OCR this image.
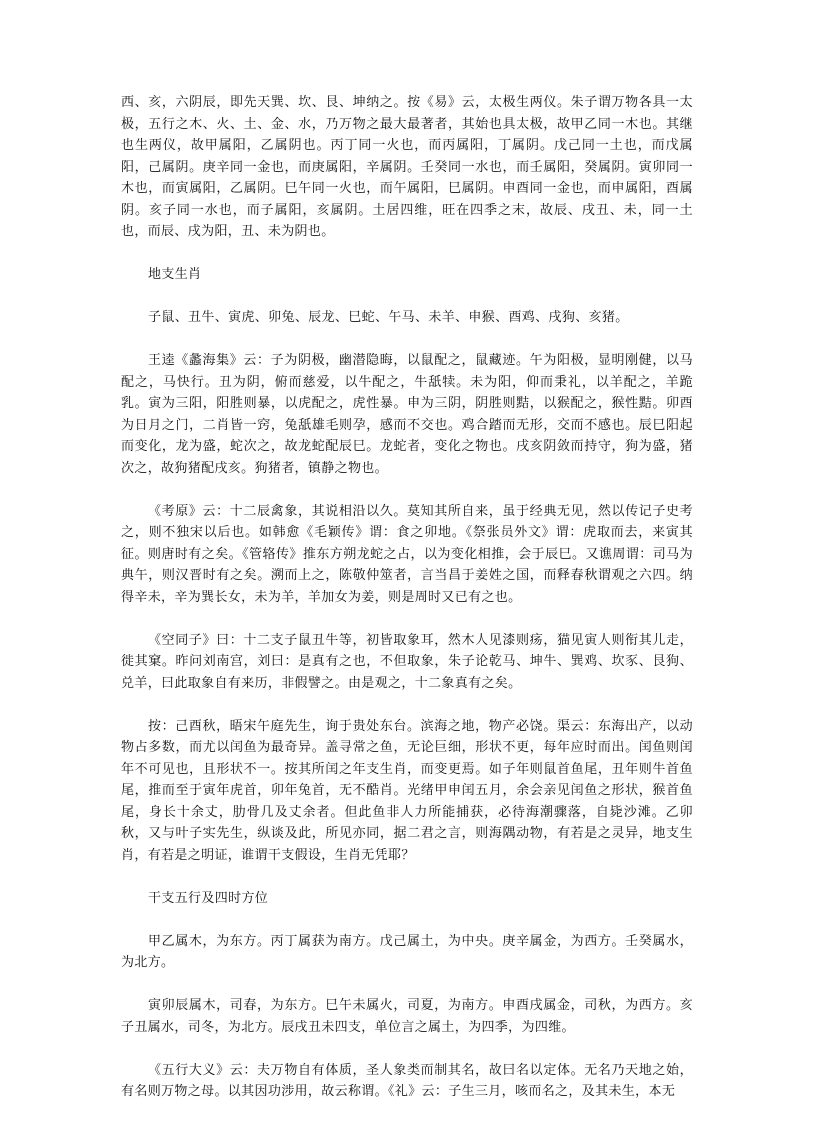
西、亥，六阴辰，即先天巽、坎、艮、坤纳之。按《易》云，太极生两仪。朱子谓万物各具一太极，五行之木、火、土、金、水，乃万物之最大最著者，其始也具太极，故甲乙同一木也。其继也生两仪，故甲属阳，乙属阴也。丙丁同一火也，而丙属阳，丁属阴。戊己同一土也，而戊属阳，己属阴。庚辛同一金也，而庚属阳，辛属阴。壬癸同一水也，而壬属阳，癸属阴。寅卯同一木也，而寅属阳，乙属阴。巳午同一火也，而午属阳，巳属阴。申酉同一金也，而申属阳，酉属阴。亥子同一水也，而子属阳，亥属阴。土居四维，旺在四季之末，故辰、戌丑、未，同一土也，而辰、戌为阳，丑、未为阴也。

地支生肖

子鼠、丑牛、寅虎、卯兔、辰龙、巳蛇、午马、未羊、申猴、酉鸡、戌狗、亥猪。

王逵《蠡海集》云：子为阴极，幽潜隐晦，以鼠配之，鼠藏迹。午为阳极，显明刚健，以马配之，马快行。丑为阴，俯而慈爱，以牛配之，牛舐犊。未为阳，仰而秉礼，以羊配之，羊跪乳。寅为三阳，阳胜则暴，以虎配之，虎性暴。申为三阴，阴胜则黠，以猴配之，猴性黠。卯酉为日月之门，二肖皆一窍，兔舐雄毛则孕，感而不交也。鸡合踏而无形，交而不感也。辰巳阳起而变化，龙为盛，蛇次之，故龙蛇配辰巳。龙蛇者，变化之物也。戌亥阴敛而持守，狗为盛，猪次之，故狗猪配戌亥。狗猪者，镇静之物也。

《考原》云：十二辰禽象，其说相沿以久。莫知其所自来，虽于经典无见，然以传记子史考之，则不独宋以后也。如韩愈《毛颖传》谓：食之卯地。《祭张员外文》谓：虎取而去，来寅其征。则唐时有之矣。《管辂传》推东方朔龙蛇之占，以为变化相推，会于辰巳。又谯周谓：司马为典午，则汉晋时有之矣。溯而上之，陈敬仲筮者，言当昌于姜姓之国，而释春秋谓观之六四。纳得辛未，辛为巽长女，未为羊，羊加女为姜，则是周时又已有之也。

《空同子》曰：十二支子鼠丑牛等，初皆取象耳，然木人见漆则疡，猫见寅人则衔其儿走，徙其窠。昨问刘南宫，刘曰：是真有之也，不但取象，朱子论乾马、坤牛、巽鸡、坎豕、艮狗、兑羊，曰此取象自有来历，非假譬之。由是观之，十二象真有之矣。

按：己酉秋，晤宋午庭先生，询于贵处东台。滨海之地，物产必饶。渠云：东海出产，以动物占多数，而尤以闰鱼为最奇异。盖寻常之鱼，无论巨细，形状不更，每年应时而出。闰鱼则闰年不可见也，且形状不一。按其所闰之年支生肖，而变更焉。如子年则鼠首鱼尾，丑年则牛首鱼尾，推而至于寅年虎首，卯年兔首，无不酷肖。光绪甲申闰五月，余会亲见闰鱼之形状，猴首鱼尾，身长十余丈，肋骨几及丈余者。但此鱼非人力所能捕获，必待海潮骤落，自毙沙滩。乙卯秋，又与叶子实先生，纵谈及此，所见亦同，据二君之言，则海隅动物，有若是之灵异，地支生肖，有若是之明证，谁谓干支假设，生肖无凭耶？

干支五行及四时方位

甲乙属木，为东方。丙丁属获为南方。戊己属土，为中央。庚辛属金，为西方。壬癸属水，为北方。

寅卯辰属木，司春，为东方。巳午未属火，司夏，为南方。申酉戌属金，司秋，为西方。亥子丑属水，司冬，为北方。辰戌丑未四支，单位言之属土，为四季，为四维。

《五行大义》云：夫万物自有体质，圣人象类而制其名，故曰名以定体。无名乃天地之始，有名则万物之母。以其因功涉用，故云称谓。《礼》云：子生三月，咳而名之，及其未生，本无
